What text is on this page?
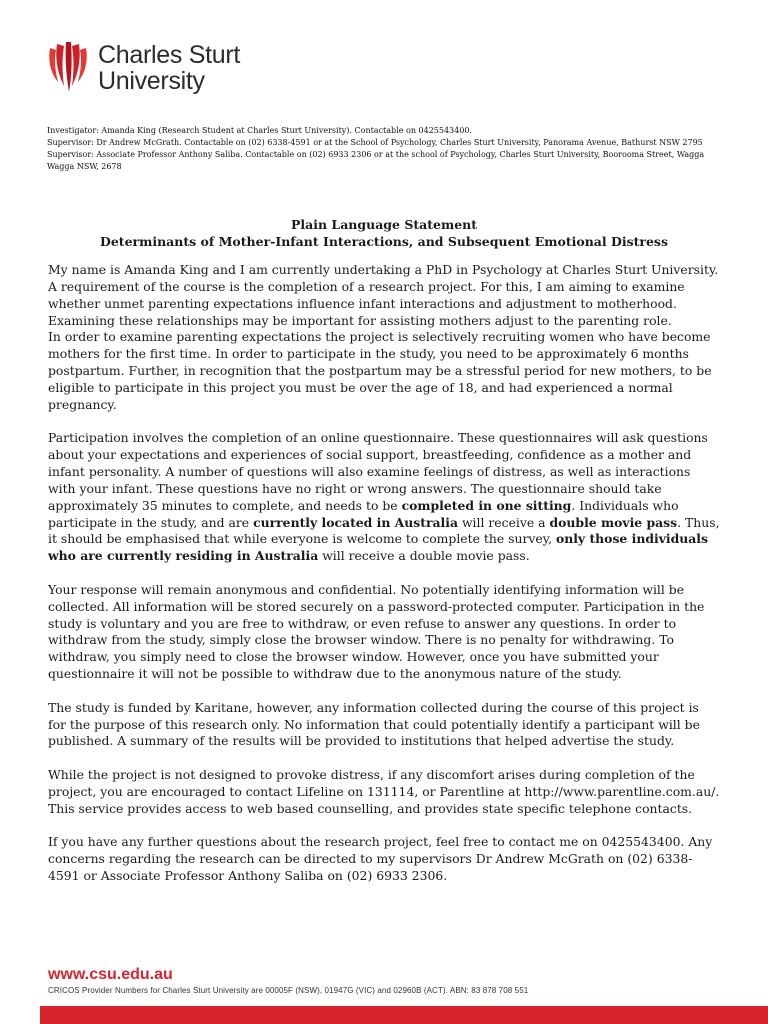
Charles Sturt
University
Investigator: Amanda King (Research Student at Charles Sturt University). Contactable on 0425543400.
Supervisor: Dr Andrew McGrath. Contactable on (02) 6338-4591 or at the School of Psychology, Charles Sturt University, Panorama Avenue, Bathurst NSW 2795
Supervisor: Associate Professor Anthony Saliba. Contactable on (02) 6933 2306 or at the school of Psychology, Charles Sturt University, Boorooma Street, Wagga Wagga NSW, 2678
Plain Language Statement
Determinants of Mother-Infant Interactions, and Subsequent Emotional Distress

My name is Amanda King and I am currently undertaking a PhD in Psychology at Charles Sturt University. A requirement of the course is the completion of a research project. For this, I am aiming to examine whether unmet parenting expectations influence infant interactions and adjustment to motherhood. Examining these relationships may be important for assisting mothers adjust to the parenting role.
In order to examine parenting expectations the project is selectively recruiting women who have become mothers for the first time. In order to participate in the study, you need to be approximately 6 months postpartum. Further, in recognition that the postpartum may be a stressful period for new mothers, to be eligible to participate in this project you must be over the age of 18, and had experienced a normal pregnancy.

Participation involves the completion of an online questionnaire. These questionnaires will ask questions about your expectations and experiences of social support, breastfeeding, confidence as a mother and infant personality. A number of questions will also examine feelings of distress, as well as interactions with your infant. These questions have no right or wrong answers. The questionnaire should take approximately 35 minutes to complete, and needs to be completed in one sitting. Individuals who participate in the study, and are currently located in Australia will receive a double movie pass. Thus, it should be emphasised that while everyone is welcome to complete the survey, only those individuals who are currently residing in Australia will receive a double movie pass.

Your response will remain anonymous and confidential. No potentially identifying information will be collected. All information will be stored securely on a password-protected computer. Participation in the study is voluntary and you are free to withdraw, or even refuse to answer any questions. In order to withdraw from the study, simply close the browser window. There is no penalty for withdrawing. To withdraw, you simply need to close the browser window. However, once you have submitted your questionnaire it will not be possible to withdraw due to the anonymous nature of the study.

The study is funded by Karitane, however, any information collected during the course of this project is for the purpose of this research only. No information that could potentially identify a participant will be published. A summary of the results will be provided to institutions that helped advertise the study.

While the project is not designed to provoke distress, if any discomfort arises during completion of the project, you are encouraged to contact Lifeline on 131114, or Parentline at http://www.parentline.com.au/. This service provides access to web based counselling, and provides state specific telephone contacts.

If you have any further questions about the research project, feel free to contact me on 0425543400. Any concerns regarding the research can be directed to my supervisors Dr Andrew McGrath on (02) 6338-4591 or Associate Professor Anthony Saliba on (02) 6933 2306.

www.csu.edu.au
CRICOS Provider Numbers for Charles Sturt University are 00005F (NSW), 01947G (VIC) and 02960B (ACT). ABN: 83 878 708 551
